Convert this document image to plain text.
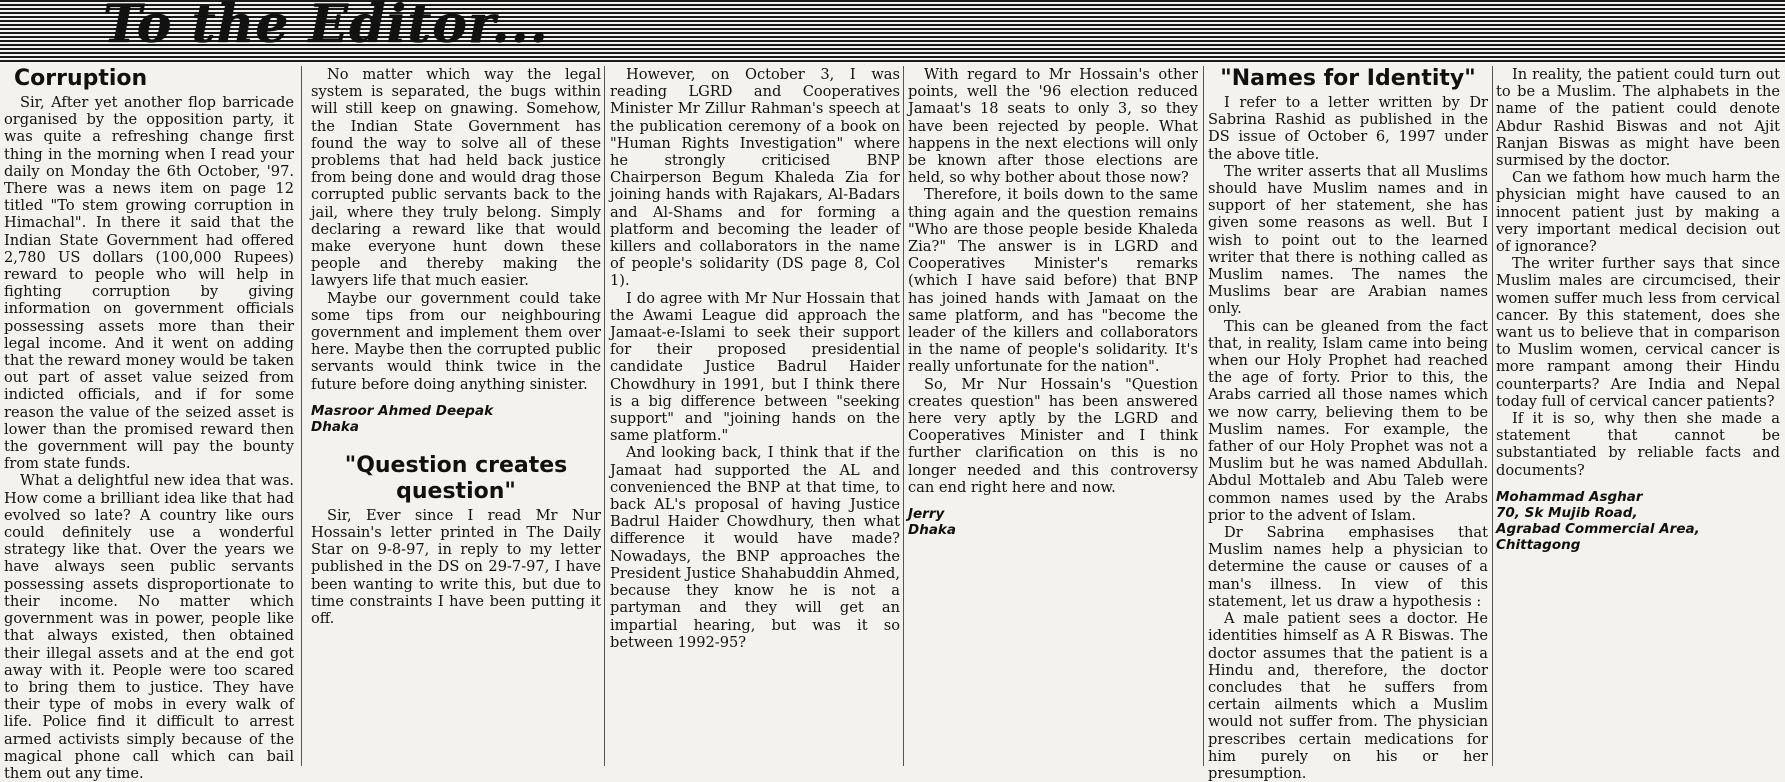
To the Editor...
Corruption

Sir, After yet another flop barricade organised by the opposition party, it was quite a refreshing change first thing in the morning when I read your daily on Monday the 6th October, '97. There was a news item on page 12 titled "To stem growing corruption in Himachal". In there it said that the Indian State Government had offered 2,780 US dollars (100,000 Rupees) reward to people who will help in fighting corruption by giving information on government officials possessing assets more than their legal income. And it went on adding that the reward money would be taken out part of asset value seized from indicted officials, and if for some reason the value of the seized asset is lower than the promised reward then the government will pay the bounty from state funds.

What a delightful new idea that was. How come a brilliant idea like that had evolved so late? A country like ours could definitely use a wonderful strategy like that. Over the years we have always seen public servants possessing assets disproportionate to their income. No matter which government was in power, people like that always existed, then obtained their illegal assets and at the end got away with it. People were too scared to bring them to justice. They have their type of mobs in every walk of life. Police find it difficult to arrest armed activists simply because of the magical phone call which can bail them out any time.

No matter which way the legal system is separated, the bugs within will still keep on gnawing. Somehow, the Indian State Government has found the way to solve all of these problems that had held back justice from being done and would drag those corrupted public servants back to the jail, where they truly belong. Simply declaring a reward like that would make everyone hunt down these people and thereby making the lawyers life that much easier.

Maybe our government could take some tips from our neighbouring government and implement them over here. Maybe then the corrupted public servants would think twice in the future before doing anything sinister.

Masroor Ahmed Deepak
Dhaka
"Question creates question"

Sir, Ever since I read Mr Nur Hossain's letter printed in The Daily Star on 9-8-97, in reply to my letter published in the DS on 29-7-97, I have been wanting to write this, but due to time constraints I have been putting it off.

However, on October 3, I was reading LGRD and Cooperatives Minister Mr Zillur Rahman's speech at the publication ceremony of a book on "Human Rights Investigation" where he strongly criticised BNP Chairperson Begum Khaleda Zia for joining hands with Rajakars, Al-Badars and Al-Shams and for forming a platform and becoming the leader of killers and collaborators in the name of people's solidarity (DS page 8, Col 1).

I do agree with Mr Nur Hossain that the Awami League did approach the Jamaat-e-Islami to seek their support for their proposed presidential candidate Justice Badrul Haider Chowdhury in 1991, but I think there is a big difference between "seeking support" and "joining hands on the same platform."

And looking back, I think that if the Jamaat had supported the AL and convenienced the BNP at that time, to back AL's proposal of having Justice Badrul Haider Chowdhury, then what difference it would have made? Nowadays, the BNP approaches the President Justice Shahabuddin Ahmed, because they know he is not a partyman and they will get an impartial hearing, but was it so between 1992-95?

With regard to Mr Hossain's other points, well the '96 election reduced Jamaat's 18 seats to only 3, so they have been rejected by people. What happens in the next elections will only be known after those elections are held, so why bother about those now?

Therefore, it boils down to the same thing again and the question remains "Who are those people beside Khaleda Zia?" The answer is in LGRD and Cooperatives Minister's remarks (which I have said before) that BNP has joined hands with Jamaat on the same platform, and has "become the leader of the killers and collaborators in the name of people's solidarity. It's really unfortunate for the nation".

So, Mr Nur Hossain's "Question creates question" has been answered here very aptly by the LGRD and Cooperatives Minister and I think further clarification on this is no longer needed and this controversy can end right here and now.

Jerry
Dhaka
"Names for Identity"

I refer to a letter written by Dr Sabrina Rashid as published in the DS issue of October 6, 1997 under the above title.

The writer asserts that all Muslims should have Muslim names and in support of her statement, she has given some reasons as well. But I wish to point out to the learned writer that there is nothing called as Muslim names. The names the Muslims bear are Arabian names only.

This can be gleaned from the fact that, in reality, Islam came into being when our Holy Prophet had reached the age of forty. Prior to this, the Arabs carried all those names which we now carry, believing them to be Muslim names. For example, the father of our Holy Prophet was not a Muslim but he was named Abdullah. Abdul Mottaleb and Abu Taleb were common names used by the Arabs prior to the advent of Islam.

Dr Sabrina emphasises that Muslim names help a physician to determine the cause or causes of a man's illness. In view of this statement, let us draw a hypothesis :

A male patient sees a doctor. He identities himself as A R Biswas. The doctor assumes that the patient is a Hindu and, therefore, the doctor concludes that he suffers from certain ailments which a Muslim would not suffer from. The physician prescribes certain medications for him purely on his or her presumption.

In reality, the patient could turn out to be a Muslim. The alphabets in the name of the patient could denote Abdur Rashid Biswas and not Ajit Ranjan Biswas as might have been surmised by the doctor.

Can we fathom how much harm the physician might have caused to an innocent patient just by making a very important medical decision out of ignorance?

The writer further says that since Muslim males are circumcised, their women suffer much less from cervical cancer. By this statement, does she want us to believe that in comparison to Muslim women, cervical cancer is more rampant among their Hindu counterparts? Are India and Nepal today full of cervical cancer patients?

If it is so, why then she made a statement that cannot be substantiated by reliable facts and documents?

Mohammad Asghar
70, Sk Mujib Road,
Agrabad Commercial Area,
Chittagong
